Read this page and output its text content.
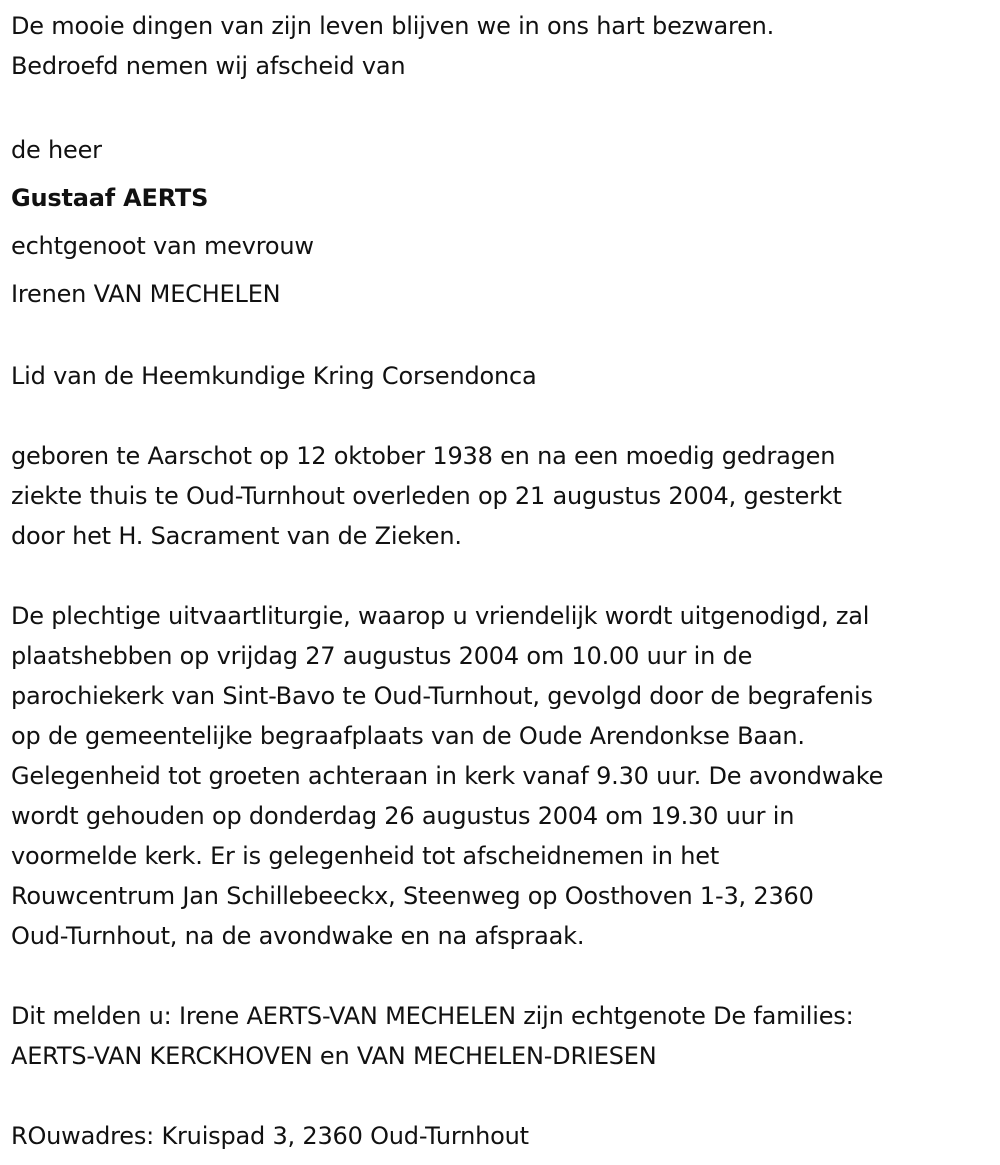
De mooie dingen van zijn leven blijven we in ons hart bezwaren.
Bedroefd nemen wij afscheid van
de heer
Gustaaf AERTS
echtgenoot van mevrouw
Irenen VAN MECHELEN
Lid van de Heemkundige Kring Corsendonca
geboren te Aarschot op 12 oktober 1938 en na een moedig gedragen
ziekte thuis te Oud-Turnhout overleden op 21 augustus 2004, gesterkt
door het H. Sacrament van de Zieken.
De plechtige uitvaartliturgie, waarop u vriendelijk wordt uitgenodigd, zal
plaatshebben op vrijdag 27 augustus 2004 om 10.00 uur in de
parochiekerk van Sint-Bavo te Oud-Turnhout, gevolgd door de begrafenis
op de gemeentelijke begraafplaats van de Oude Arendonkse Baan.
Gelegenheid tot groeten achteraan in kerk vanaf 9.30 uur. De avondwake
wordt gehouden op donderdag 26 augustus 2004 om 19.30 uur in
voormelde kerk. Er is gelegenheid tot afscheidnemen in het
Rouwcentrum Jan Schillebeeckx, Steenweg op Oosthoven 1-3, 2360
Oud-Turnhout, na de avondwake en na afspraak.
Dit melden u: Irene AERTS-VAN MECHELEN zijn echtgenote De families:
AERTS-VAN KERCKHOVEN en VAN MECHELEN-DRIESEN
ROuwadres: Kruispad 3, 2360 Oud-Turnhout
